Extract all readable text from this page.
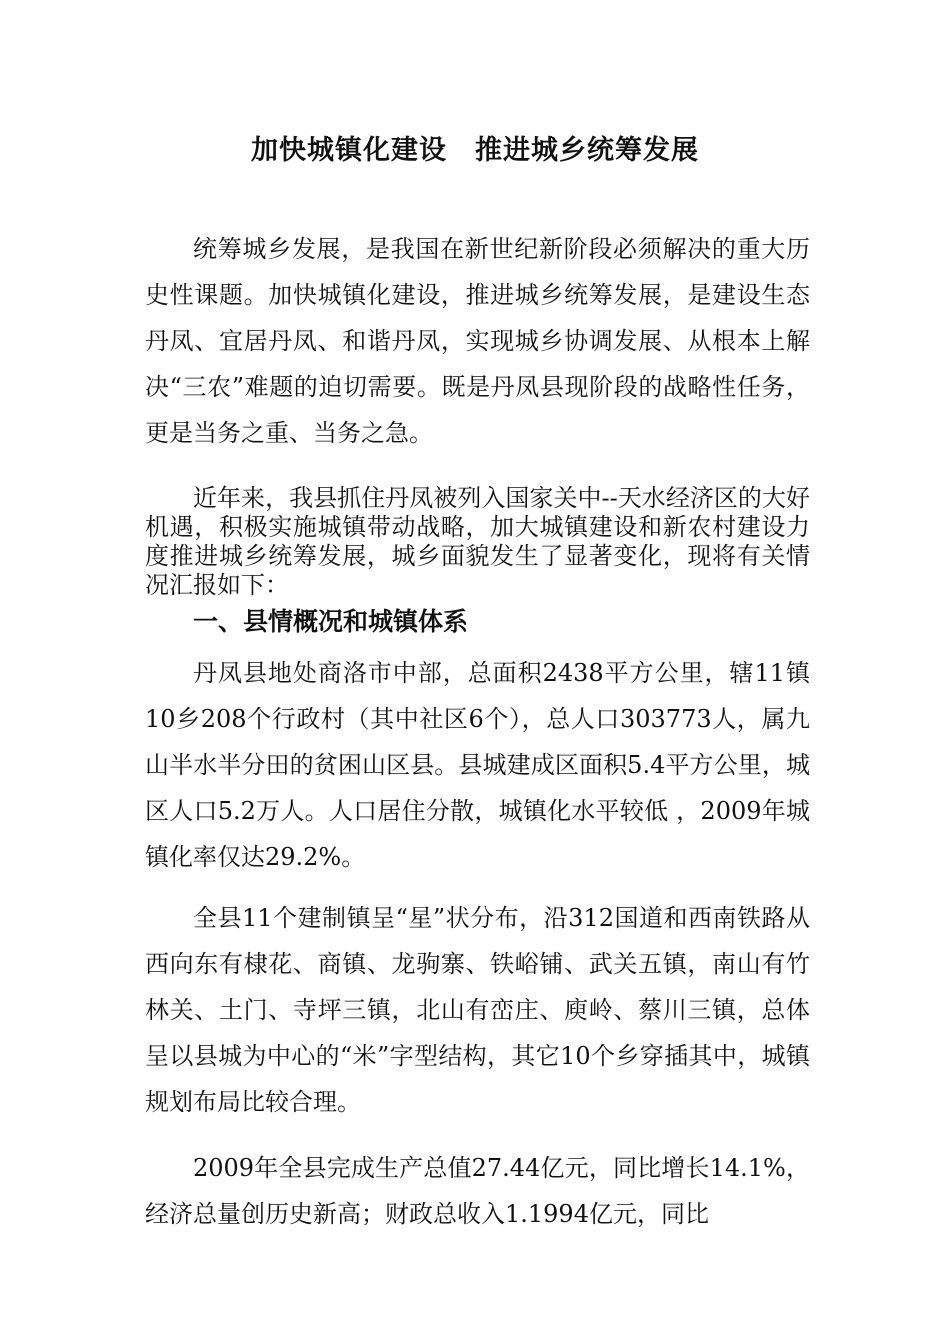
加快城镇化建设　推进城乡统筹发展

统筹城乡发展，是我国在新世纪新阶段必须解决的重大历史性课题。加快城镇化建设，推进城乡统筹发展，是建设生态丹凤、宜居丹凤、和谐丹凤，实现城乡协调发展、从根本上解决“三农”难题的迫切需要。既是丹凤县现阶段的战略性任务，更是当务之重、当务之急。

近年来，我县抓住丹凤被列入国家关中--天水经济区的大好机遇，积极实施城镇带动战略，加大城镇建设和新农村建设力度推进城乡统筹发展，城乡面貌发生了显著变化，现将有关情况汇报如下：

一、县情概况和城镇体系

丹凤县地处商洛市中部，总面积2438平方公里，辖11镇10乡208个行政村（其中社区6个），总人口303773人，属九山半水半分田的贫困山区县。县城建成区面积5.4平方公里，城区人口5.2万人。人口居住分散，城镇化水平较低 ，2009年城镇化率仅达29.2%。

全县11个建制镇呈“星”状分布，沿312国道和西南铁路从西向东有棣花、商镇、龙驹寨、铁峪铺、武关五镇，南山有竹林关、土门、寺坪三镇，北山有峦庄、庾岭、蔡川三镇，总体呈以县城为中心的“米”字型结构，其它10个乡穿插其中，城镇规划布局比较合理。

2009年全县完成生产总值27.44亿元，同比增长14.1%，经济总量创历史新高；财政总收入1.1994亿元，同比
